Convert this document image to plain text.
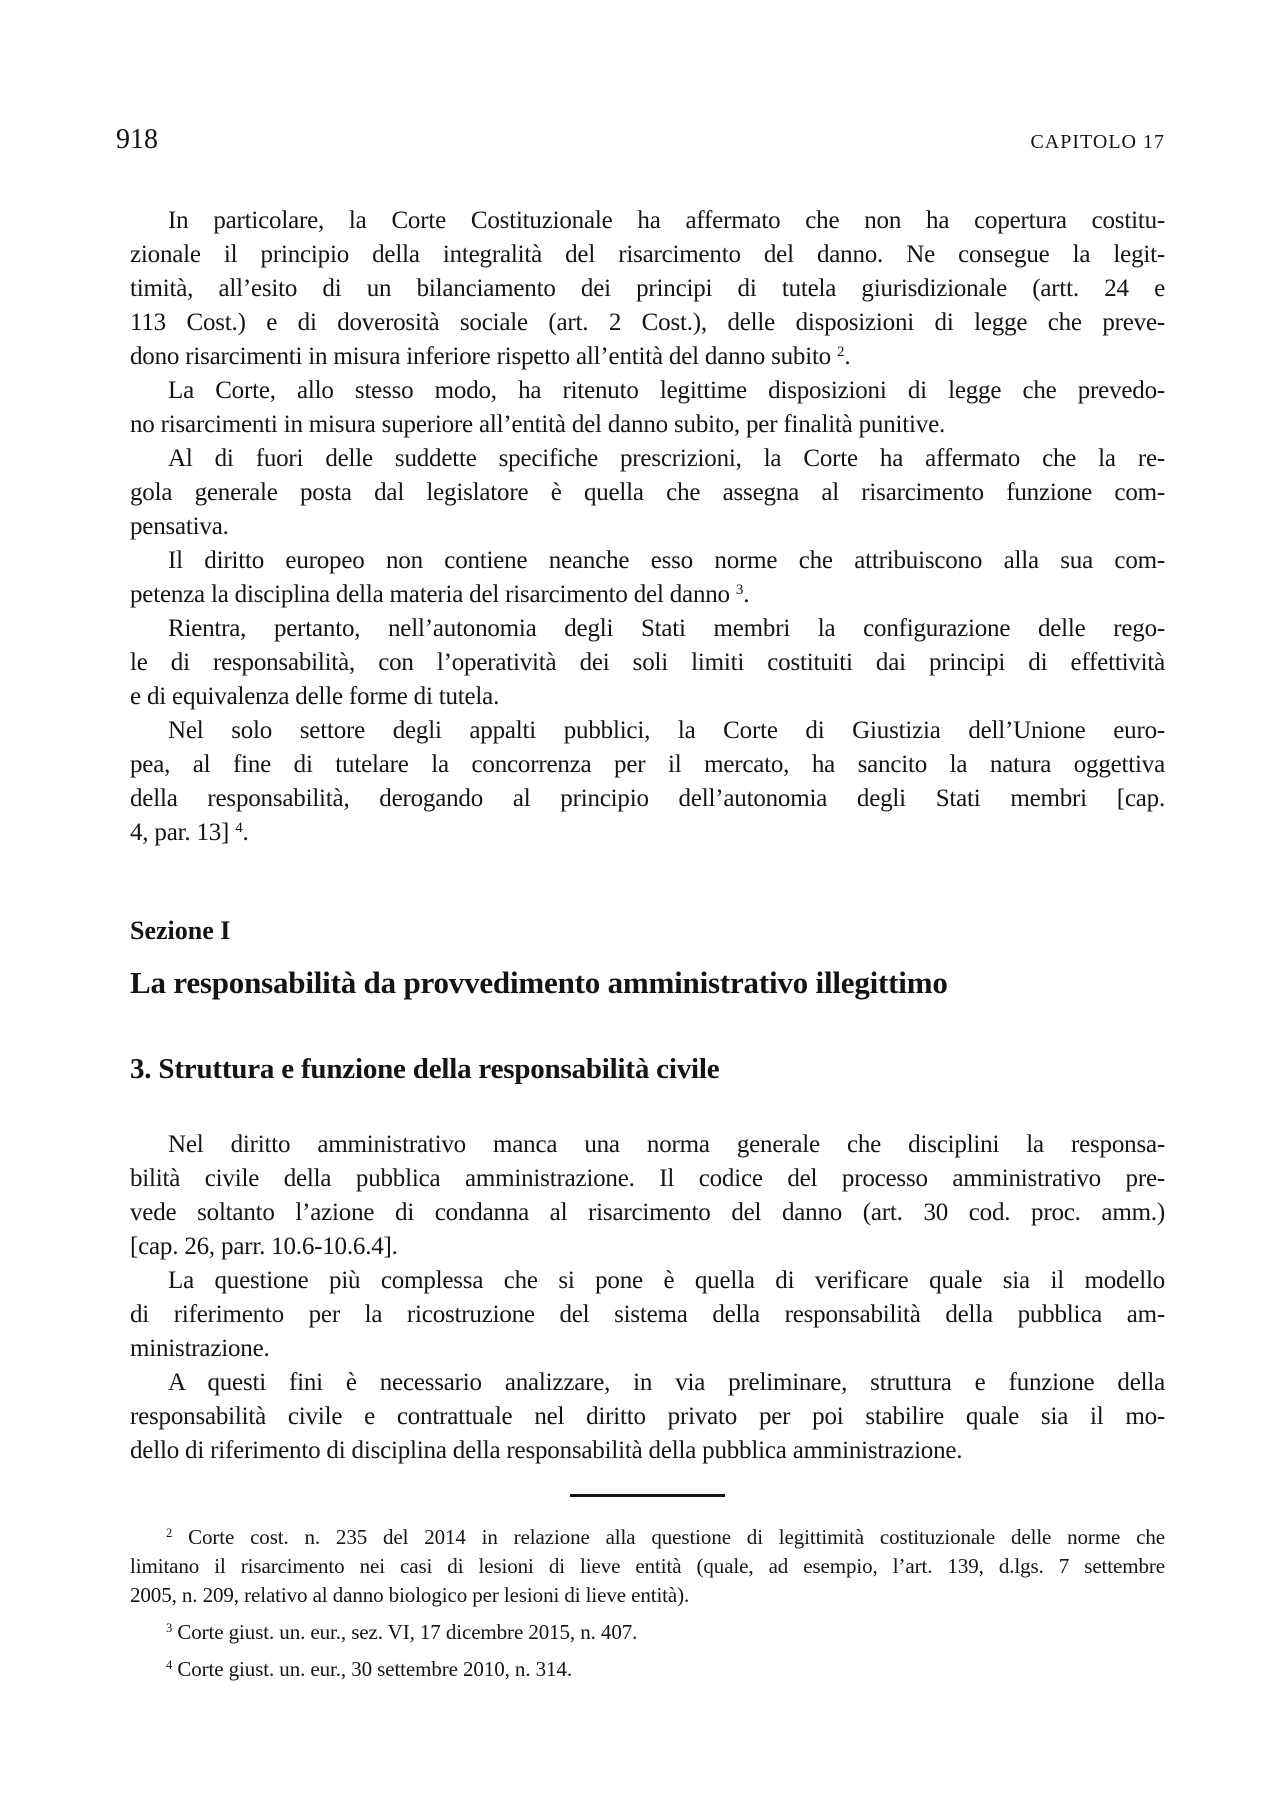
918	CAPITOLO 17
In particolare, la Corte Costituzionale ha affermato che non ha copertura costitu-
zionale il principio della integralità del risarcimento del danno. Ne consegue la legit-
timità, all’esito di un bilanciamento dei principi di tutela giurisdizionale (artt. 24 e
113 Cost.) e di doverosità sociale (art. 2 Cost.), delle disposizioni di legge che preve-
dono risarcimenti in misura inferiore rispetto all’entità del danno subito $^2$.
La Corte, allo stesso modo, ha ritenuto legittime disposizioni di legge che prevedo-
no risarcimenti in misura superiore all’entità del danno subito, per finalità punitive.
Al di fuori delle suddette specifiche prescrizioni, la Corte ha affermato che la re-
gola generale posta dal legislatore è quella che assegna al risarcimento funzione com-
pensativa.
Il diritto europeo non contiene neanche esso norme che attribuiscono alla sua com-
petenza la disciplina della materia del risarcimento del danno $^3$.
Rientra, pertanto, nell’autonomia degli Stati membri la configurazione delle rego-
le di responsabilità, con l’operatività dei soli limiti costituiti dai principi di effettività
e di equivalenza delle forme di tutela.
Nel solo settore degli appalti pubblici, la Corte di Giustizia dell’Unione euro-
pea, al fine di tutelare la concorrenza per il mercato, ha sancito la natura oggettiva
della responsabilità, derogando al principio dell’autonomia degli Stati membri [cap.
4, par. 13] $^4$.
Sezione I
La responsabilità da provvedimento amministrativo illegittimo
3. Struttura e funzione della responsabilità civile
Nel diritto amministrativo manca una norma generale che disciplini la responsa-
bilità civile della pubblica amministrazione. Il codice del processo amministrativo pre-
vede soltanto l’azione di condanna al risarcimento del danno (art. 30 cod. proc. amm.)
[cap. 26, parr. 10.6-10.6.4].
La questione più complessa che si pone è quella di verificare quale sia il modello
di riferimento per la ricostruzione del sistema della responsabilità della pubblica am-
ministrazione.
A questi fini è necessario analizzare, in via preliminare, struttura e funzione della
responsabilità civile e contrattuale nel diritto privato per poi stabilire quale sia il mo-
dello di riferimento di disciplina della responsabilità della pubblica amministrazione.
$^2$ Corte cost. n. 235 del 2014 in relazione alla questione di legittimità costituzionale delle norme che
limitano il risarcimento nei casi di lesioni di lieve entità (quale, ad esempio, l’art. 139, d.lgs. 7 settembre
2005, n. 209, relativo al danno biologico per lesioni di lieve entità).
$^3$ Corte giust. un. eur., sez. VI, 17 dicembre 2015, n. 407.
$^4$ Corte giust. un. eur., 30 settembre 2010, n. 314.
